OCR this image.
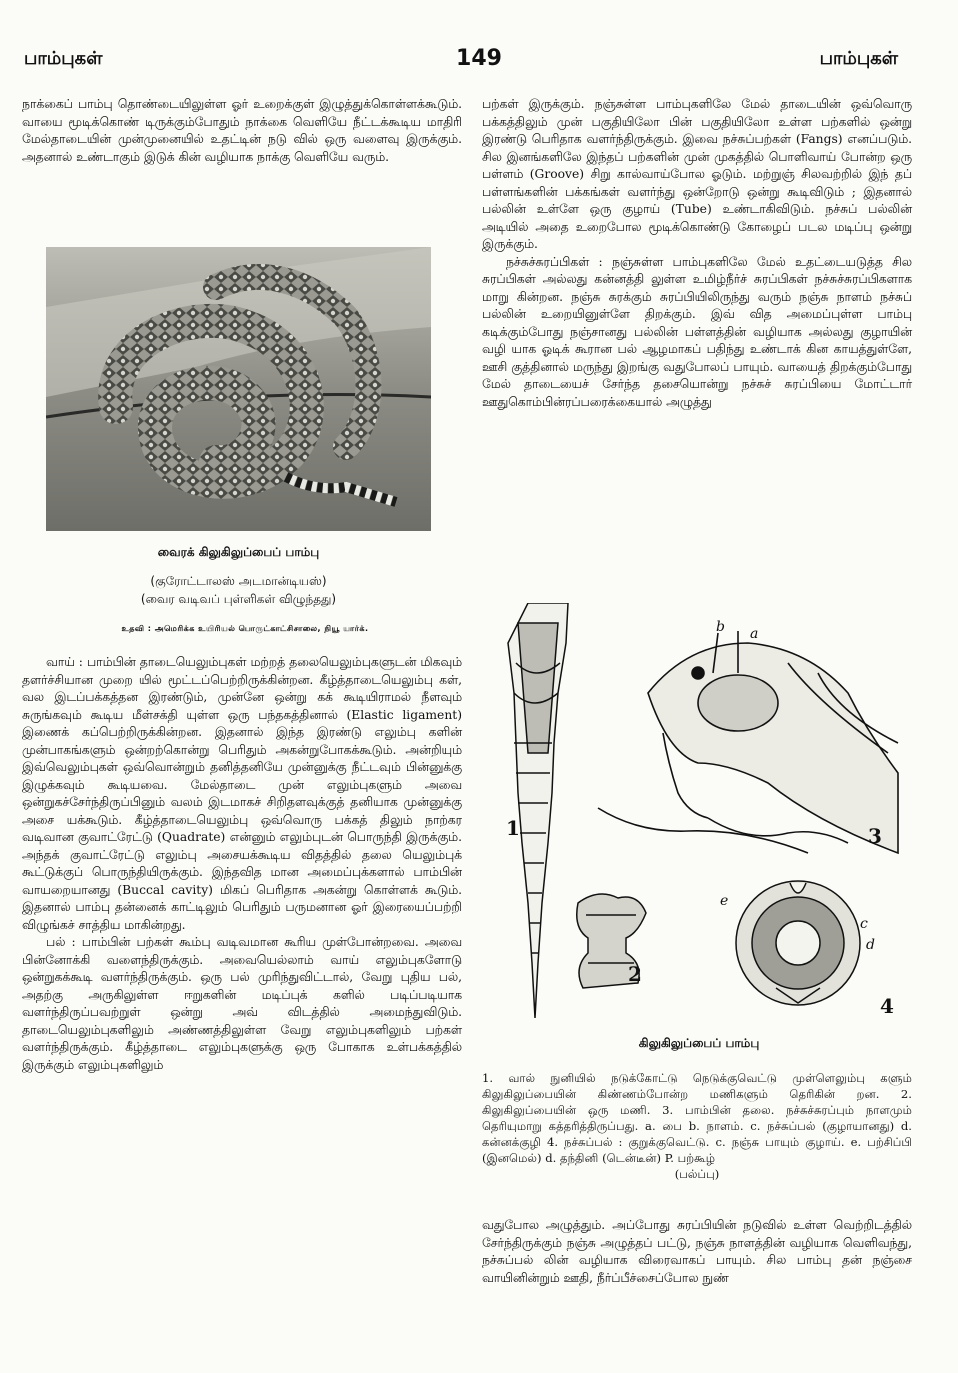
பாம்புகள்	149	பாம்புகள்

நாக்கைப் பாம்பு தொண்டையிலுள்ள ஓர் உறைக்குள் இழுத்துக்கொள்ளக்கூடும். வாயை மூடிக்கொண் டிருக்கும்போதும் நாக்கை வெளியே நீட்டக்கூடிய மாதிரி மேல்தாடையின் முன்முனையில் உதட்டின் நடு வில் ஒரு வளைவு இருக்கும். அதனால் உண்டாகும் இடுக் கின் வழியாக நாக்கு வெளியே வரும்.

வைரக் கிலுகிலுப்பைப் பாம்பு
(குரோட்டாலஸ் அடமான்டியஸ்)
(வைர வடிவப் புள்ளிகள் விழுந்தது)
உதவி : அமெரிக்க உயிரியல் பொருட்காட்சிசாலை, நியூ யார்க்.

வாய் : பாம்பின் தாடையெலும்புகள் மற்றத் தலையெலும்புகளுடன் மிகவும் தளர்ச்சியான முறை யில் மூட்டப்பெற்றிருக்கின்றன. கீழ்த்தாடையெலும்பு கள், வல இடப்பக்கத்தன இரண்டும், முன்னே ஒன்று கக் கூடியிராமல் நீளவும் சுருங்கவும் கூடிய மீள்சக்தி யுள்ள ஒரு பந்தகத்தினால் (Elastic ligament) இணைக் கப்பெற்றிருக்கின்றன. இதனால் இந்த இரண்டு எலும்பு களின் முன்பாகங்களும் ஒன்றற்கொன்று பெரிதும் அகன்றுபோகக்கூடும். அன்றியும் இவ்வெலும்புகள் ஒவ்வொன்றும் தனித்தனியே முன்னுக்கு நீட்டவும் பின்னுக்கு இழுக்கவும் கூடியவை. மேல்தாடை முன் எலும்புகளும் அவை ஒன்றுகச்சேர்ந்திருப்பினும் வலம் இடமாகச் சிறிதளவுக்குத் தனியாக முன்னுக்கு அசை யக்கூடும். கீழ்த்தாடையெலும்பு ஒவ்வொரு பக்கத் திலும் நாற்கர வடிவான குவாட்ரேட்டு (Quadrate) என்னும் எலும்புடன் பொருந்தி இருக்கும். அந்தக் குவாட்ரேட்டு எலும்பு அசையக்கூடிய விதத்தில் தலை யெலும்புக் கூட்டுக்குப் பொருந்தியிருக்கும். இந்தவித மான அமைப்புக்களால் பாம்பின் வாயறையானது (Buccal cavity) மிகப் பெரிதாக அகன்று கொள்ளக் கூடும். இதனால் பாம்பு தன்னைக் காட்டிலும் பெரிதும் பருமனான ஓர் இரையைப்பற்றி விழுங்கச் சாத்திய மாகின்றது.

பல் : பாம்பின் பற்கள் கூம்பு வடிவமான கூரிய முள்போன்றவை. அவை பின்னோக்கி வளைந்திருக்கும். அவையெல்லாம் வாய் எலும்புகளோடு ஒன்றுகக்கூடி வளர்ந்திருக்கும். ஒரு பல் முரிந்துவிட்டால், வேறு புதிய பல், அதற்கு அருகிலுள்ள ஈறுகளின் மடிப்புக் களில் படிப்படியாக வளர்ந்திருப்பவற்றுள் ஒன்று அவ் விடத்தில் அமைந்துவிடும். தாடையெலும்புகளிலும் அண்ணத்திலுள்ள வேறு எலும்புகளிலும் பற்கள் வளர்ந்திருக்கும். கீழ்த்தாடை எலும்புகளுக்கு ஒரு போகாக உள்பக்கத்தில் இருக்கும் எலும்புகளிலும்

பற்கள் இருக்கும். நஞ்சுள்ள பாம்புகளிலே மேல் தாடையின் ஒவ்வொரு பக்கத்திலும் முன் பகுதியிலோ பின் பகுதியிலோ உள்ள பற்களில் ஒன்று இரண்டு பெரிதாக வளர்ந்திருக்கும். இவை நச்சுப்பற்கள் (Fangs) எனப்படும். சில இனங்களிலே இந்தப் பற்களின் முன் முகத்தில் பொளிவாய் போன்ற ஒரு பள்ளம் (Groove) சிறு கால்வாய்போல ஓடும். மற்றுஞ் சிலவற்றில் இந் தப் பள்ளங்களின் பக்கங்கள் வளர்ந்து ஒன்றோடு ஒன்று கூடிவிடும் ; இதனால் பல்லின் உள்ளே ஒரு குழாய் (Tube) உண்டாகிவிடும். நச்சுப் பல்லின் அடியில் அதை உறைபோல மூடிக்கொண்டு கோழைப் படல மடிப்பு ஒன்று இருக்கும்.

நச்சுச்சுரப்பிகள் : நஞ்சுள்ள பாம்புகளிலே மேல் உதட்டையடுத்த சில சுரப்பிகள் அல்லது கன்னத்தி லுள்ள உமிழ்நீர்ச் சுரப்பிகள் நச்சுச்சுரப்பிகளாக மாறு கின்றன. நஞ்சு சுரக்கும் சுரப்பியிலிருந்து வரும் நஞ்சு நாளம் நச்சுப் பல்லின் உறையினுள்ளே திறக்கும். இவ் வித அமைப்புள்ள பாம்பு கடிக்கும்போது நஞ்சானது பல்லின் பள்ளத்தின் வழியாக அல்லது குழாயின் வழி யாக ஓடிக் கூரான பல் ஆழமாகப் பதிந்து உண்டாக் கின காயத்துள்ளே, ஊசி குத்தினால் மருந்து இறங்கு வதுபோலப் பாயும். வாயைத் திறக்கும்போது மேல் தாடையைச் சேர்ந்த தசையொன்று நச்சுச் சுரப்பியை மோட்டார் ஊதுகொம்பின்ரப்பரைக்கையால் அழுத்து

1
2
3
4
a
b
c
d
e
கிலுகிலுப்பைப் பாம்பு

1. வால் நுனியில் நடுக்கோட்டு நெடுக்குவெட்டு முள்ளெலும்பு களும் கிலுகிலுப்பையின் கிண்ணம்போன்ற மணிகளும் தெரிகின் றன. 2. கிலுகிலுப்பையின் ஒரு மணி. 3. பாம்பின் தலை. நச்சுச்சுரப்பும் நாளமும் தெரியுமாறு கத்தரித்திருப்பது. a. பை b. நாளம். c. நச்சுப்பல் (குழாயானது) d. கன்னக்குழி 4. நச்சுப்பல் : குறுக்குவெட்டு. c. நஞ்சு பாயும் குழாய். e. பற்சிப்பி (இனமெல்) d. தந்தினி (டென்டீன்) P. பற்கூழ்

(பல்ப்பு)

வதுபோல அழுத்தும். அப்போது சுரப்பியின் நடுவில் உள்ள வெற்றிடத்தில் சேர்ந்திருக்கும் நஞ்சு அழுத்தப் பட்டு, நஞ்சு நாளத்தின் வழியாக வெளிவந்து, நச்சுப்பல் லின் வழியாக விரைவாகப் பாயும். சில பாம்பு தன் நஞ்சை வாயினின்றும் ஊதி, நீர்ப்பீச்சைப்போல நுண்
